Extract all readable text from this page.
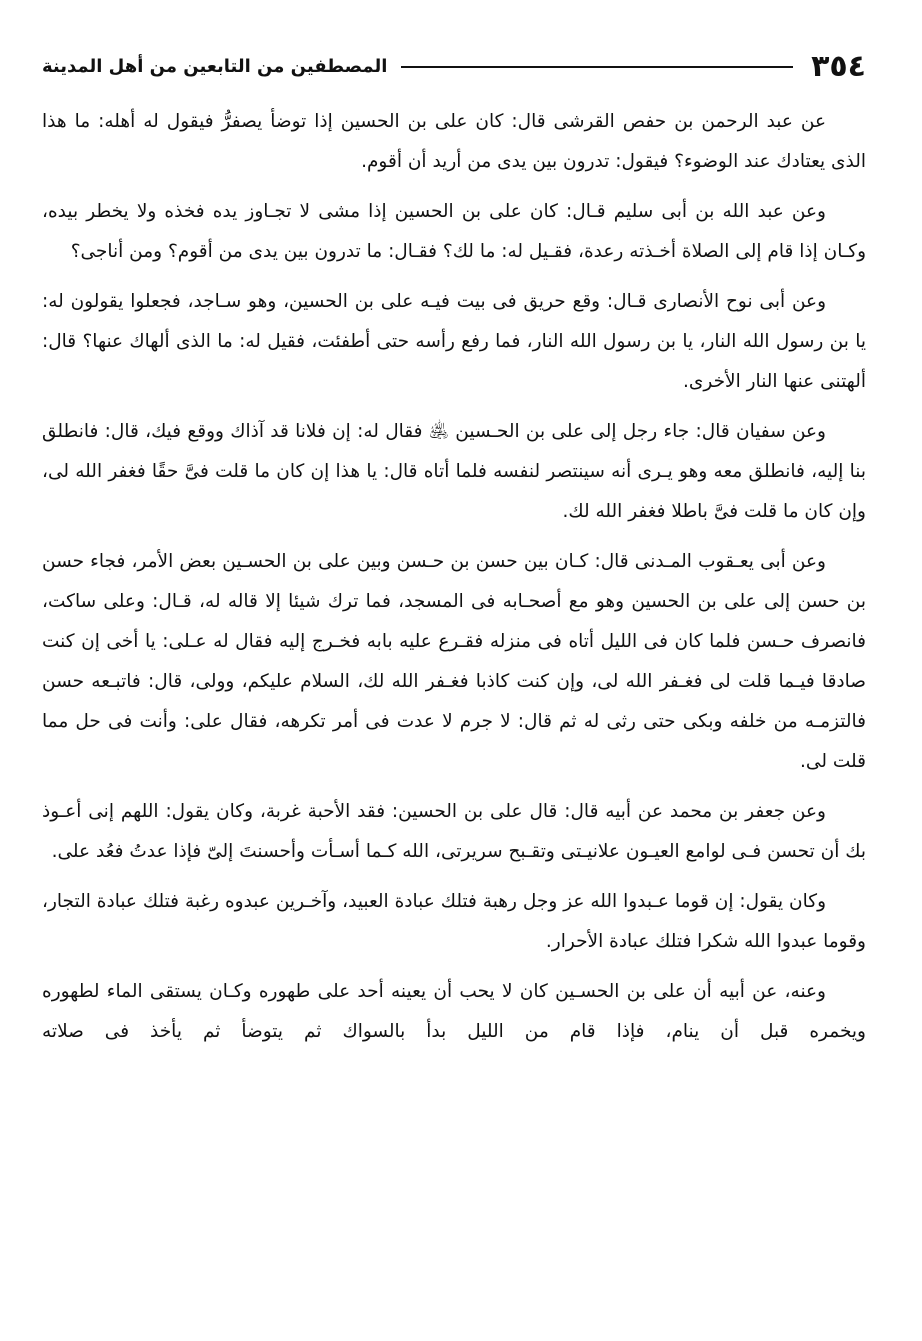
٣٥٤
المصطفين من التابعين من أهل المدينة

عن عبد الرحمن بن حفص القرشى قال: كان على بن الحسين إذا توضأ يصفرُّ فيقول له أهله: ما هذا الذى يعتادك عند الوضوء؟ فيقول: تدرون بين يدى من أريد أن أقوم.

وعن عبد الله بن أبى سليم قـال: كان على بن الحسين إذا مشى لا تجـاوز يده فخذه ولا يخطر بيده، وكـان إذا قام إلى الصلاة أخـذته رعدة، فقـيل له: ما لك؟ فقـال: ما تدرون بين يدى من أقوم؟ ومن أناجى؟

وعن أبى نوح الأنصارى قـال: وقع حريق فى بيت فيـه على بن الحسين، وهو سـاجد، فجعلوا يقولون له: يا بن رسول الله النار، يا بن رسول الله النار، فما رفع رأسه حتى أطفئت، فقيل له: ما الذى ألهاك عنها؟ قال: ألهتنى عنها النار الأخرى.

وعن سفيان قال: جاء رجل إلى على بن الحـسين ﵁ فقال له: إن فلانا قد آذاك ووقع فيك، قال: فانطلق بنا إليه، فانطلق معه وهو يـرى أنه سينتصر لنفسه فلما أتاه قال: يا هذا إن كان ما قلت فىَّ حقًا فغفر الله لى، وإن كان ما قلت فىَّ باطلا فغفر الله لك.

وعن أبى يعـقوب المـدنى قال: كـان بين حسن بن حـسن وبين على بن الحسـين بعض الأمر، فجاء حسن بن حسن إلى على بن الحسين وهو مع أصحـابه فى المسجد، فما ترك شيئا إلا قاله له، قـال: وعلى ساكت، فانصرف حـسن فلما كان فى الليل أتاه فى منزله فقـرع عليه بابه فخـرج إليه فقال له عـلى: يا أخى إن كنت صادقا فيـما قلت لى فغـفر الله لى، وإن كنت كاذبا فغـفر الله لك، السلام عليكم، وولى، قال: فاتبـعه حسن فالتزمـه من خلفه وبكى حتى رثى له ثم قال: لا جرم لا عدت فى أمر تكرهه، فقال على: وأنت فى حل مما قلت لى.

وعن جعفر بن محمد عن أبيه قال: قال على بن الحسين: فقد الأحبة غربة، وكان يقول: اللهم إنى أعـوذ بك أن تحسن فـى لوامع العيـون علانيـتى وتقـبح سريرتى، الله كـما أسـأت وأحسنتَ إلىّ فإذا عدتُ فعُد على.

وكان يقول: إن قوما عـبدوا الله عز وجل رهبة فتلك عبادة العبيد، وآخـرين عبدوه رغبة فتلك عبادة التجار، وقوما عبدوا الله شكرا فتلك عبادة الأحرار.

وعنه، عن أبيه أن على بن الحسـين كان لا يحب أن يعينه أحد على طهوره وكـان يستقى الماء لطهوره ويخمره قبل أن ينام، فإذا قام من الليل بدأ بالسواك ثم يتوضأ ثم يأخذ فى صلاته
